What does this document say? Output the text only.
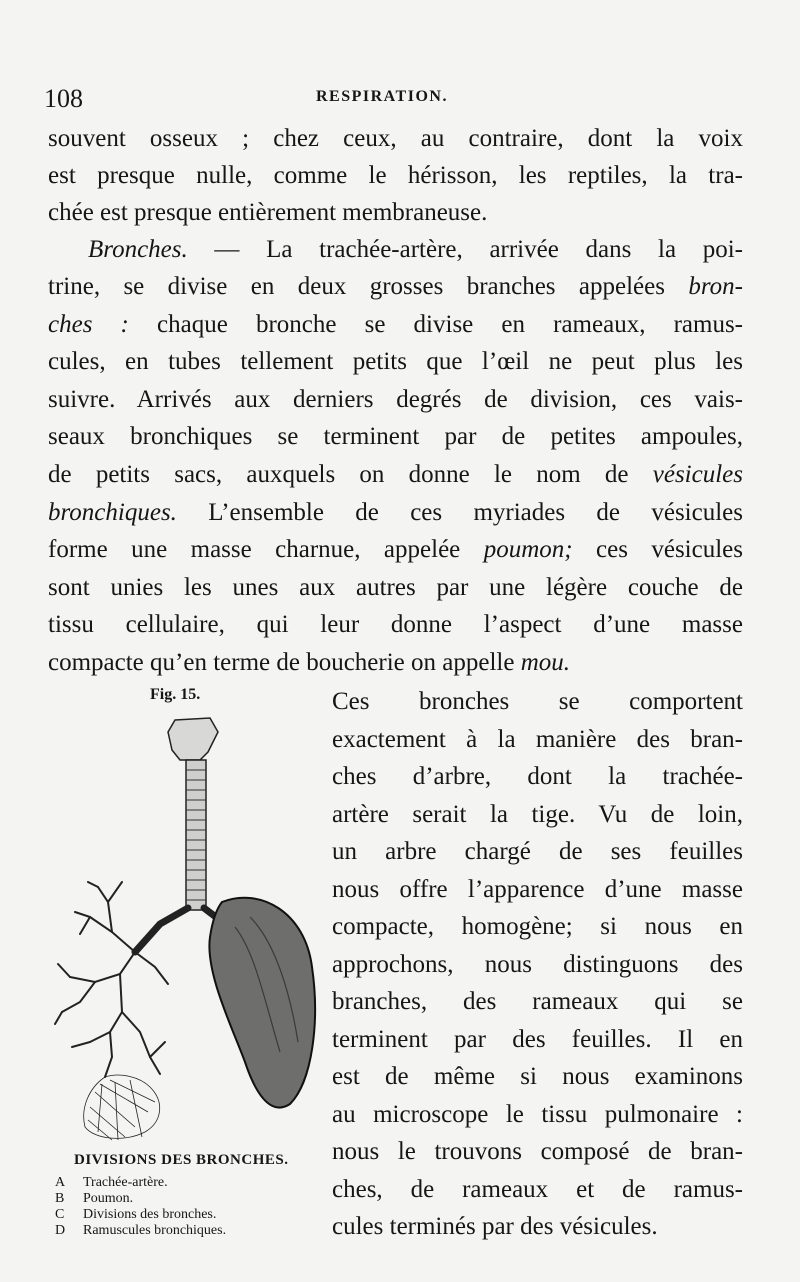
108	RESPIRATION.
souvent osseux ; chez ceux, au contraire, dont la voix
est presque nulle, comme le hérisson, les reptiles, la tra-
chée est presque entièrement membraneuse.
Bronches. — La trachée-artère, arrivée dans la poi-
trine, se divise en deux grosses branches appelées bron-
ches : chaque bronche se divise en rameaux, ramus-
cules, en tubes tellement petits que l’œil ne peut plus les
suivre. Arrivés aux derniers degrés de division, ces vais-
seaux bronchiques se terminent par de petites ampoules,
de petits sacs, auxquels on donne le nom de vésicules
bronchiques. L’ensemble de ces myriades de vésicules
forme une masse charnue, appelée poumon; ces vésicules
sont unies les unes aux autres par une légère couche de
tissu cellulaire, qui leur donne l’aspect d’une masse
compacte qu’en terme de boucherie on appelle mou.
Fig. 15.
DIVISIONS DES BRONCHES.
A Trachée-artère.
B Poumon.
C Divisions des bronches.
D Ramuscules bronchiques.
Ces bronches se comportent
exactement à la manière des bran-
ches d’arbre, dont la trachée-
artère serait la tige. Vu de loin,
un arbre chargé de ses feuilles
nous offre l’apparence d’une masse
compacte, homogène; si nous en
approchons, nous distinguons des
branches, des rameaux qui se
terminent par des feuilles. Il en
est de même si nous examinons
au microscope le tissu pulmonaire :
nous le trouvons composé de bran-
ches, de rameaux et de ramus-
cules terminés par des vésicules.
